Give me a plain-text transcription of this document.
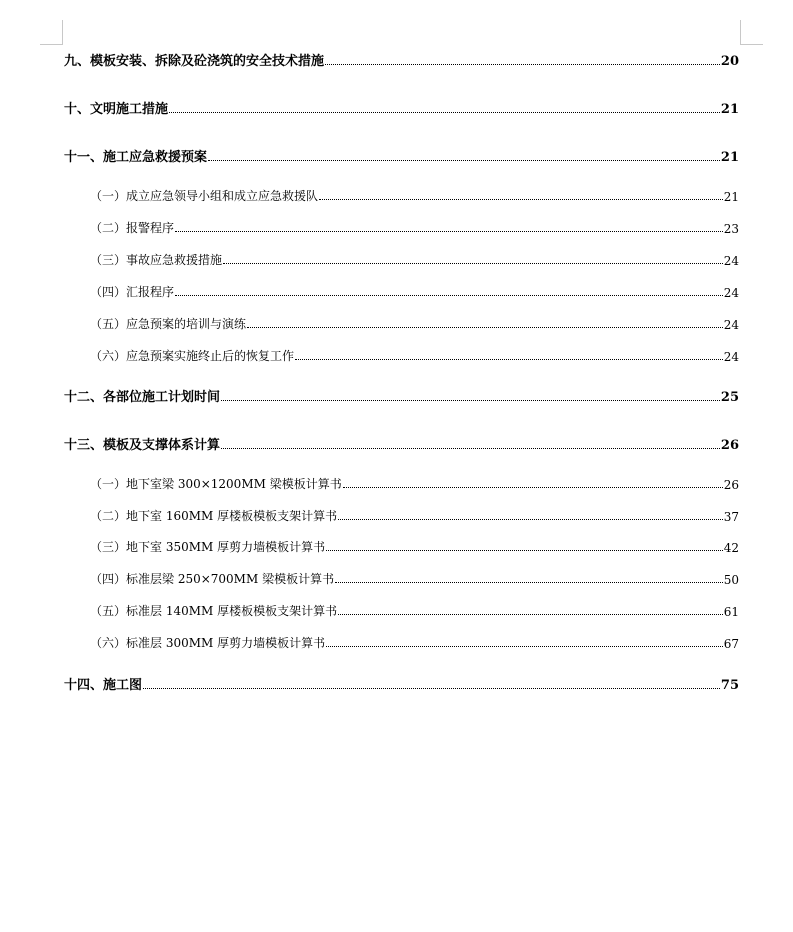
九、模板安装、拆除及砼浇筑的安全技术措施	20
十、文明施工措施	21
十一、施工应急救援预案	21
（一）成立应急领导小组和成立应急救援队	21
（二）报警程序	23
（三）事故应急救援措施	24
（四）汇报程序	24
（五）应急预案的培训与演练	24
（六）应急预案实施终止后的恢复工作	24
十二、各部位施工计划时间	25
十三、模板及支撑体系计算	26
（一）地下室梁 300×1200MM 梁模板计算书	26
（二）地下室 160MM 厚楼板模板支架计算书	37
（三）地下室 350MM 厚剪力墙模板计算书	42
（四）标准层梁 250×700MM 梁模板计算书	50
（五）标准层 140MM 厚楼板模板支架计算书	61
（六）标准层 300MM 厚剪力墙模板计算书	67
十四、施工图	75
